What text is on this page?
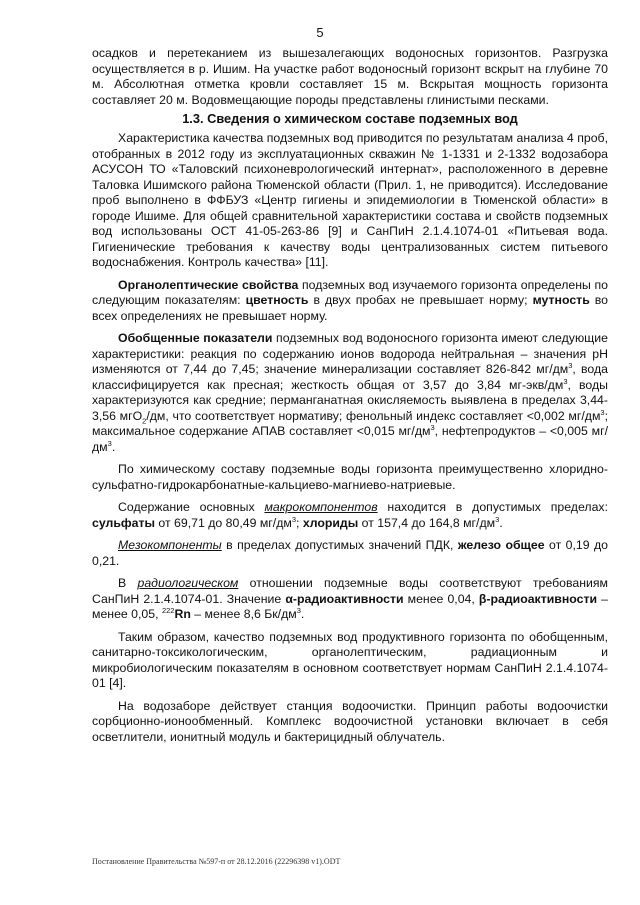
5

осадков и перетеканием из вышезалегающих водоносных горизонтов. Разгрузка осуществляется в р. Ишим. На участке работ водоносный горизонт вскрыт на глубине 70 м. Абсолютная отметка кровли составляет 15 м. Вскрытая мощность горизонта составляет 20 м. Водовмещающие породы представлены глинистыми песками.

1.3. Сведения о химическом составе подземных вод

Характеристика качества подземных вод приводится по результатам анализа 4 проб, отобранных в 2012 году из эксплуатационных скважин № 1-1331 и 2-1332 водозабора АСУСОН ТО «Таловский психоневрологический интернат», расположенного в деревне Таловка Ишимского района Тюменской области (Прил. 1, не приводится). Исследование проб выполнено в ФФБУЗ «Центр гигиены и эпидемиологии в Тюменской области» в городе Ишиме. Для общей сравнительной характеристики состава и свойств подземных вод использованы ОСТ 41-05-263-86 [9] и СанПиН 2.1.4.1074-01 «Питьевая вода. Гигиенические требования к качеству воды централизованных систем питьевого водоснабжения. Контроль качества» [11].

Органолептические свойства подземных вод изучаемого горизонта определены по следующим показателям: цветность в двух пробах не превышает норму; мутность во всех определениях не превышает норму.

Обобщенные показатели подземных вод водоносного горизонта имеют следующие характеристики: реакция по содержанию ионов водорода нейтральная – значения pH изменяются от 7,44 до 7,45; значение минерализации составляет 826-842 $мг/дм^3$, вода классифицируется как пресная; жесткость общая от 3,57 до 3,84 $мг-экв/дм^3$, воды характеризуются как средние; перманганатная окисляемость выявлена в пределах 3,44-3,56 мгО$_2$/дм, что соответствует нормативу; фенольный индекс составляет <0,002 $мг/дм^3$; максимальное содержание АПАВ составляет <0,015 $мг/дм^3$, нефтепродуктов – <0,005 $мг/дм^3$.

По химическому составу подземные воды горизонта преимущественно хлоридно-сульфатно-гидрокарбонатные-кальциево-магниево-натриевые.

Содержание основных макрокомпонентов находится в допустимых пределах: сульфаты от 69,71 до 80,49 $мг/дм^3$; хлориды от 157,4 до 164,8 $мг/дм^3$.

Мезокомпоненты в пределах допустимых значений ПДК, железо общее от 0,19 до 0,21.

В радиологическом отношении подземные воды соответствуют требованиям СанПиН 2.1.4.1074-01. Значение α-радиоактивности менее 0,04, β-радиоактивности – менее 0,05, $^{222}$Rn – менее 8,6 $Бк/дм^3$.

Таким образом, качество подземных вод продуктивного горизонта по обобщенным, санитарно-токсикологическим, органолептическим, радиационным и микробиологическим показателям в основном соответствует нормам СанПиН 2.1.4.1074-01 [4].

На водозаборе действует станция водоочистки. Принцип работы водоочистки сорбционно-ионообменный. Комплекс водоочистной установки включает в себя осветлители, ионитный модуль и бактерицидный облучатель.

Постановление Правительства №597-п от 28.12.2016 (22296398 v1).ODT
